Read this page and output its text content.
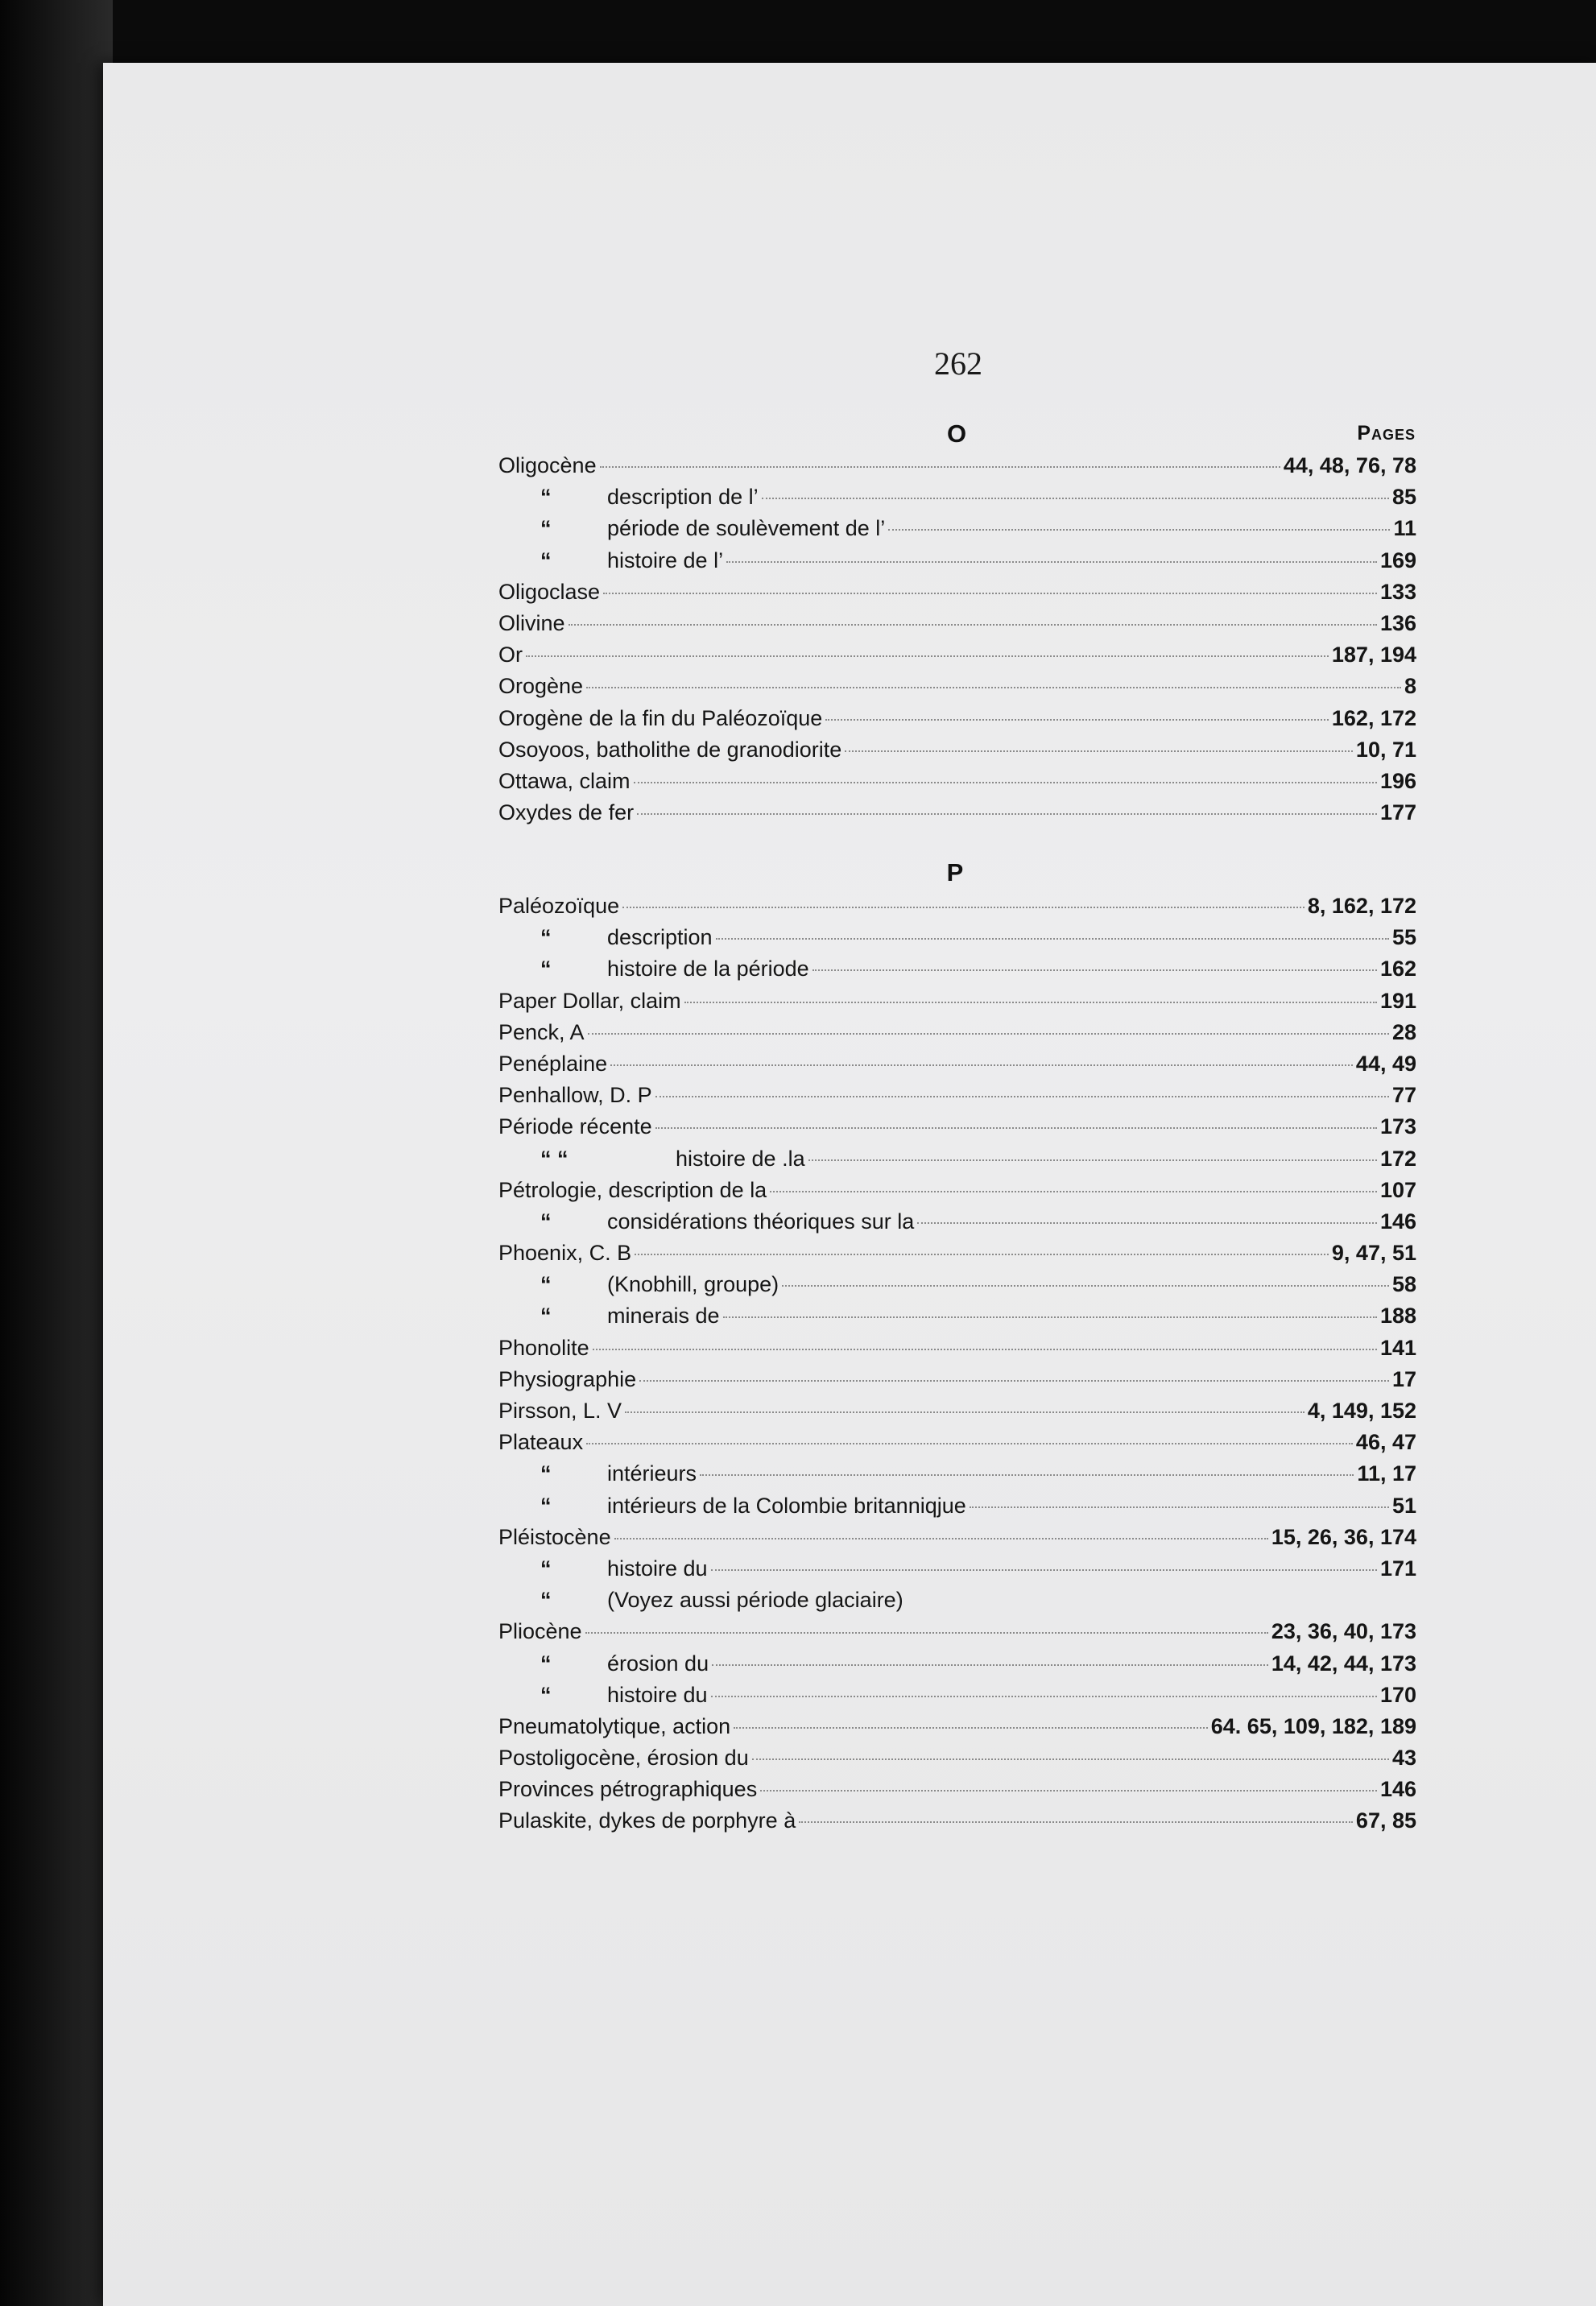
262
O	Pages
Oligocène	44, 48, 76, 78
“	description de l’	85
“	période de soulèvement de l’	11
“	histoire de l’	169
Oligoclase	133
Olivine	136
Or	187, 194
Orogène	8
Orogène de la fin du Paléozoïque	162, 172
Osoyoos, batholithe de granodiorite	10, 71
Ottawa, claim	196
Oxydes de fer	177
P
Paléozoïque	8, 162, 172
“	description	55
“	histoire de la période	162
Paper Dollar, claim	191
Penck, A	28
Penéplaine	44, 49
Penhallow, D. P	77
Période récente	173
“ “	histoire de .la	172
Pétrologie, description de la	107
“	considérations théoriques sur la	146
Phoenix, C. B	9, 47, 51
“	(Knobhill, groupe)	58
“	minerais de	188
Phonolite	141
Physiographie	17
Pirsson, L. V	4, 149, 152
Plateaux	46, 47
“	intérieurs	11, 17
“	intérieurs de la Colombie britanniqjue	51
Pléistocène	15, 26, 36, 174
“	histoire du	171
“	(Voyez aussi période glaciaire)
Pliocène	23, 36, 40, 173
“	érosion du	14, 42, 44, 173
“	histoire du	170
Pneumatolytique, action	64. 65, 109, 182, 189
Postoligocène, érosion du	43
Provinces pétrographiques	146
Pulaskite, dykes de porphyre à	67, 85
